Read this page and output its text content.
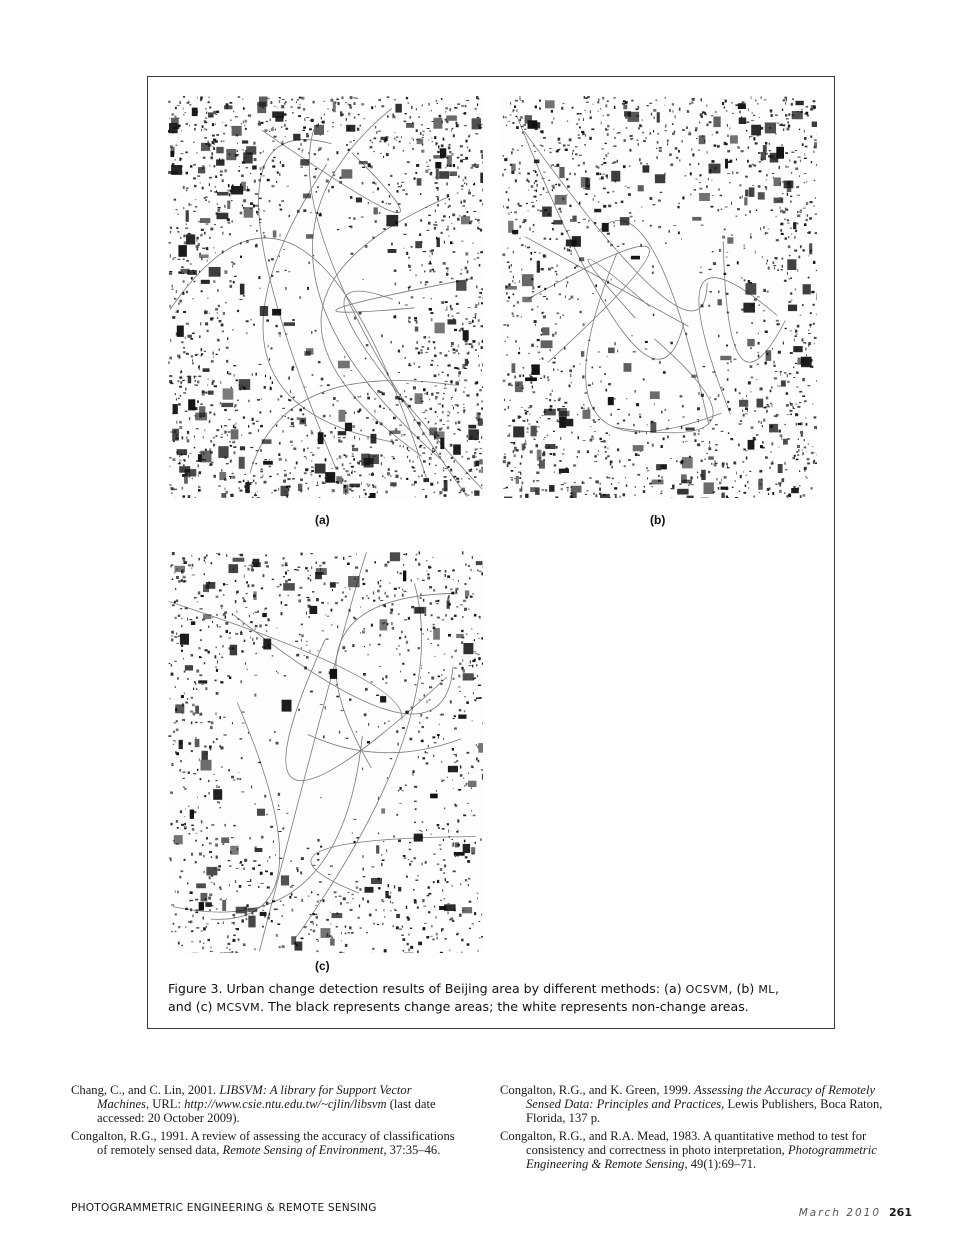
(a)	(b)
(c)
Figure 3. Urban change detection results of Beijing area by different methods: (a) OCSVM, (b) ML,
and (c) MCSVM. The black represents change areas; the white represents non-change areas.
Chang, C., and C. Lin, 2001. LIBSVM: A library for Support Vector Machines, URL: http://www.csie.ntu.edu.tw/~cjlin/libsvm (last date accessed: 20 October 2009).
Congalton, R.G., 1991. A review of assessing the accuracy of classifications of remotely sensed data, Remote Sensing of Environment, 37:35–46.
Congalton, R.G., and K. Green, 1999. Assessing the Accuracy of Remotely Sensed Data: Principles and Practices, Lewis Publishers, Boca Raton, Florida, 137 p.
Congalton, R.G., and R.A. Mead, 1983. A quantitative method to test for consistency and correctness in photo interpretation, Photogrammetric Engineering & Remote Sensing, 49(1):69–71.
PHOTOGRAMMETRIC ENGINEERING & REMOTE SENSING	March 2010 261
